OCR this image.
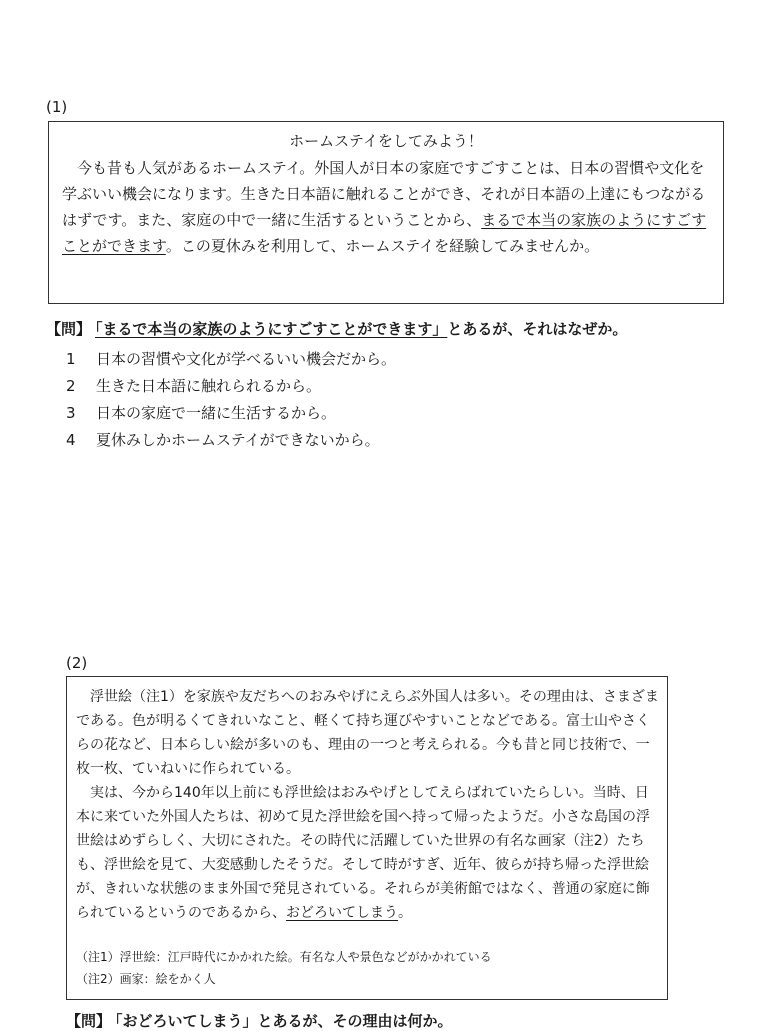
(1)
ホームステイをしてみよう！

今も昔も人気があるホームステイ。外国人が日本の家庭ですごすことは、日本の習慣や文化を学ぶいい機会になります。生きた日本語に触れることができ、それが日本語の上達にもつながるはずです。また、家庭の中で一緒に生活するということから、まるで本当の家族のようにすごすことができます。この夏休みを利用して、ホームステイを経験してみませんか。

【問】 「まるで本当の家族のようにすごすことができます」とあるが、それはなぜか。
1 日本の習慣や文化が学べるいい機会だから。
2 生きた日本語に触れられるから。
3 日本の家庭で一緒に生活するから。
4 夏休みしかホームステイができないから。
(2)

浮世絵（注1）を家族や友だちへのおみやげにえらぶ外国人は多い。その理由は、さまざまである。色が明るくてきれいなこと、軽くて持ち運びやすいことなどである。富士山やさくらの花など、日本らしい絵が多いのも、理由の一つと考えられる。今も昔と同じ技術で、一枚一枚、ていねいに作られている。

実は、今から140年以上前にも浮世絵はおみやげとしてえらばれていたらしい。当時、日本に来ていた外国人たちは、初めて見た浮世絵を国へ持って帰ったようだ。小さな島国の浮世絵はめずらしく、大切にされた。その時代に活躍していた世界の有名な画家（注2）たちも、浮世絵を見て、大変感動したそうだ。そして時がすぎ、近年、彼らが持ち帰った浮世絵が、きれいな状態のまま外国で発見されている。それらが美術館ではなく、普通の家庭に飾られているというのであるから、おどろいてしまう。

（注1）浮世絵：江戸時代にかかれた絵。有名な人や景色などがかかれている
（注2）画家：絵をかく人
【問】 「おどろいてしまう」とあるが、その理由は何か。
